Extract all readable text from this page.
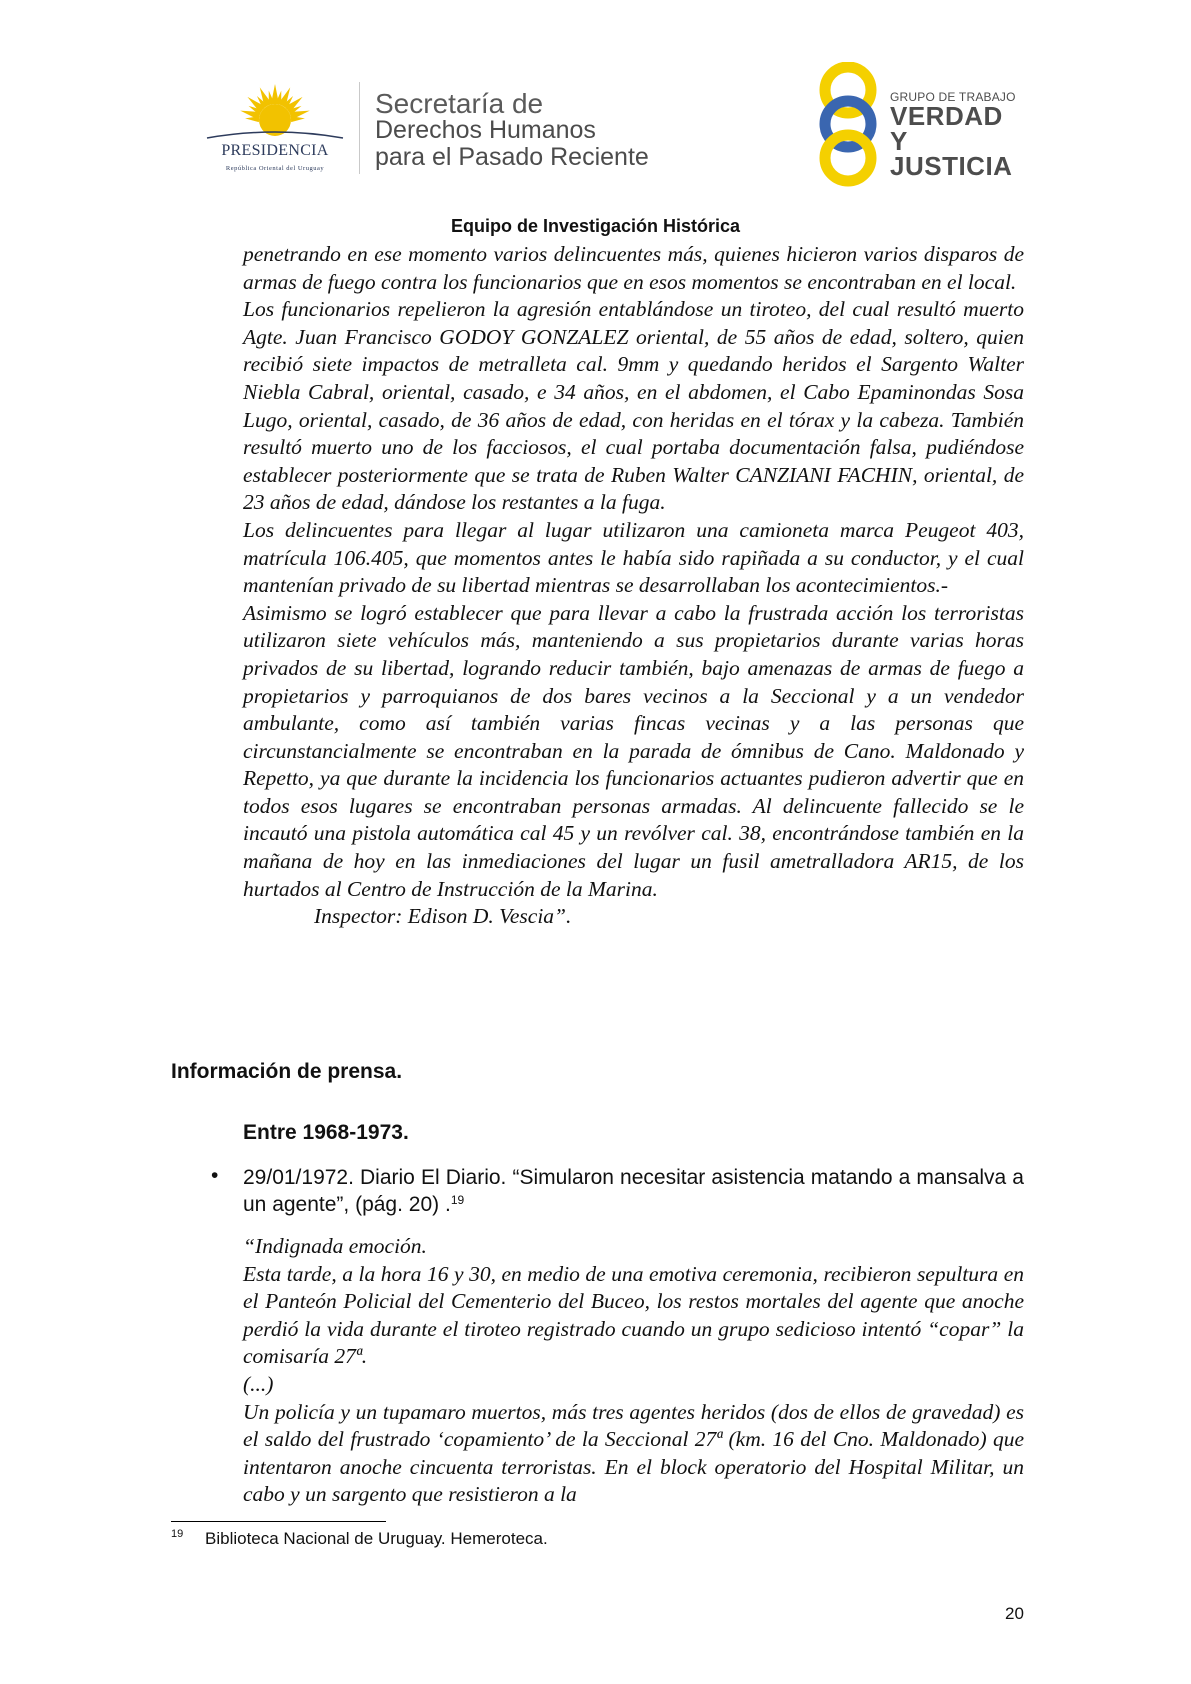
PRESIDENCIA
República Oriental del Uruguay
Secretaría de
Derechos Humanos
para el Pasado Reciente
GRUPO DE TRABAJO
VERDAD Y
JUSTICIA
Equipo de Investigación Histórica

penetrando en ese momento varios delincuentes más, quienes hicieron varios disparos de armas de fuego contra los funcionarios que en esos momentos se encontraban en el local.

Los funcionarios repelieron la agresión entablándose un tiroteo, del cual resultó muerto Agte. Juan Francisco GODOY GONZALEZ oriental, de 55 años de edad, soltero, quien recibió siete impactos de metralleta cal. 9mm y quedando heridos el Sargento Walter Niebla Cabral, oriental, casado, e 34 años, en el abdomen, el Cabo Epaminondas Sosa Lugo, oriental, casado, de 36 años de edad, con heridas en el tórax y la cabeza. También resultó muerto uno de los facciosos, el cual portaba documentación falsa, pudiéndose establecer posteriormente que se trata de Ruben Walter CANZIANI FACHIN, oriental, de 23 años de edad, dándose los restantes a la fuga.

Los delincuentes para llegar al lugar utilizaron una camioneta marca Peugeot 403, matrícula 106.405, que momentos antes le había sido rapiñada a su conductor, y el cual mantenían privado de su libertad mientras se desarrollaban los acontecimientos.-

Asimismo se logró establecer que para llevar a cabo la frustrada acción los terroristas utilizaron siete vehículos más, manteniendo a sus propietarios durante varias horas privados de su libertad, logrando reducir también, bajo amenazas de armas de fuego a propietarios y parroquianos de dos bares vecinos a la Seccional y a un vendedor ambulante, como así también varias fincas vecinas y a las personas que circunstancialmente se encontraban en la parada de ómnibus de Cano. Maldonado y Repetto, ya que durante la incidencia los funcionarios actuantes pudieron advertir que en todos esos lugares se encontraban personas armadas. Al delincuente fallecido se le incautó una pistola automática cal 45 y un revólver cal. 38, encontrándose también en la mañana de hoy en las inmediaciones del lugar un fusil ametralladora AR15, de los hurtados al Centro de Instrucción de la Marina.

Inspector: Edison D. Vescia”.

Información de prensa.
Entre 1968-1973.
• 29/01/1972. Diario El Diario. “Simularon necesitar asistencia matando a mansalva a un agente”, (pág. 20) .$^{19}$

“Indignada emoción.

Esta tarde, a la hora 16 y 30, en medio de una emotiva ceremonia, recibieron sepultura en el Panteón Policial del Cementerio del Buceo, los restos mortales del agente que anoche perdió la vida durante el tiroteo registrado cuando un grupo sedicioso intentó “copar” la comisaría 27ª.

(...)

Un policía y un tupamaro muertos, más tres agentes heridos (dos de ellos de gravedad) es el saldo del frustrado ‘copamiento’ de la Seccional 27ª (km. 16 del Cno. Maldonado) que intentaron anoche cincuenta terroristas. En el block operatorio del Hospital Militar, un cabo y un sargento que resistieron a la

$^{19}$ Biblioteca Nacional de Uruguay. Hemeroteca.
20
